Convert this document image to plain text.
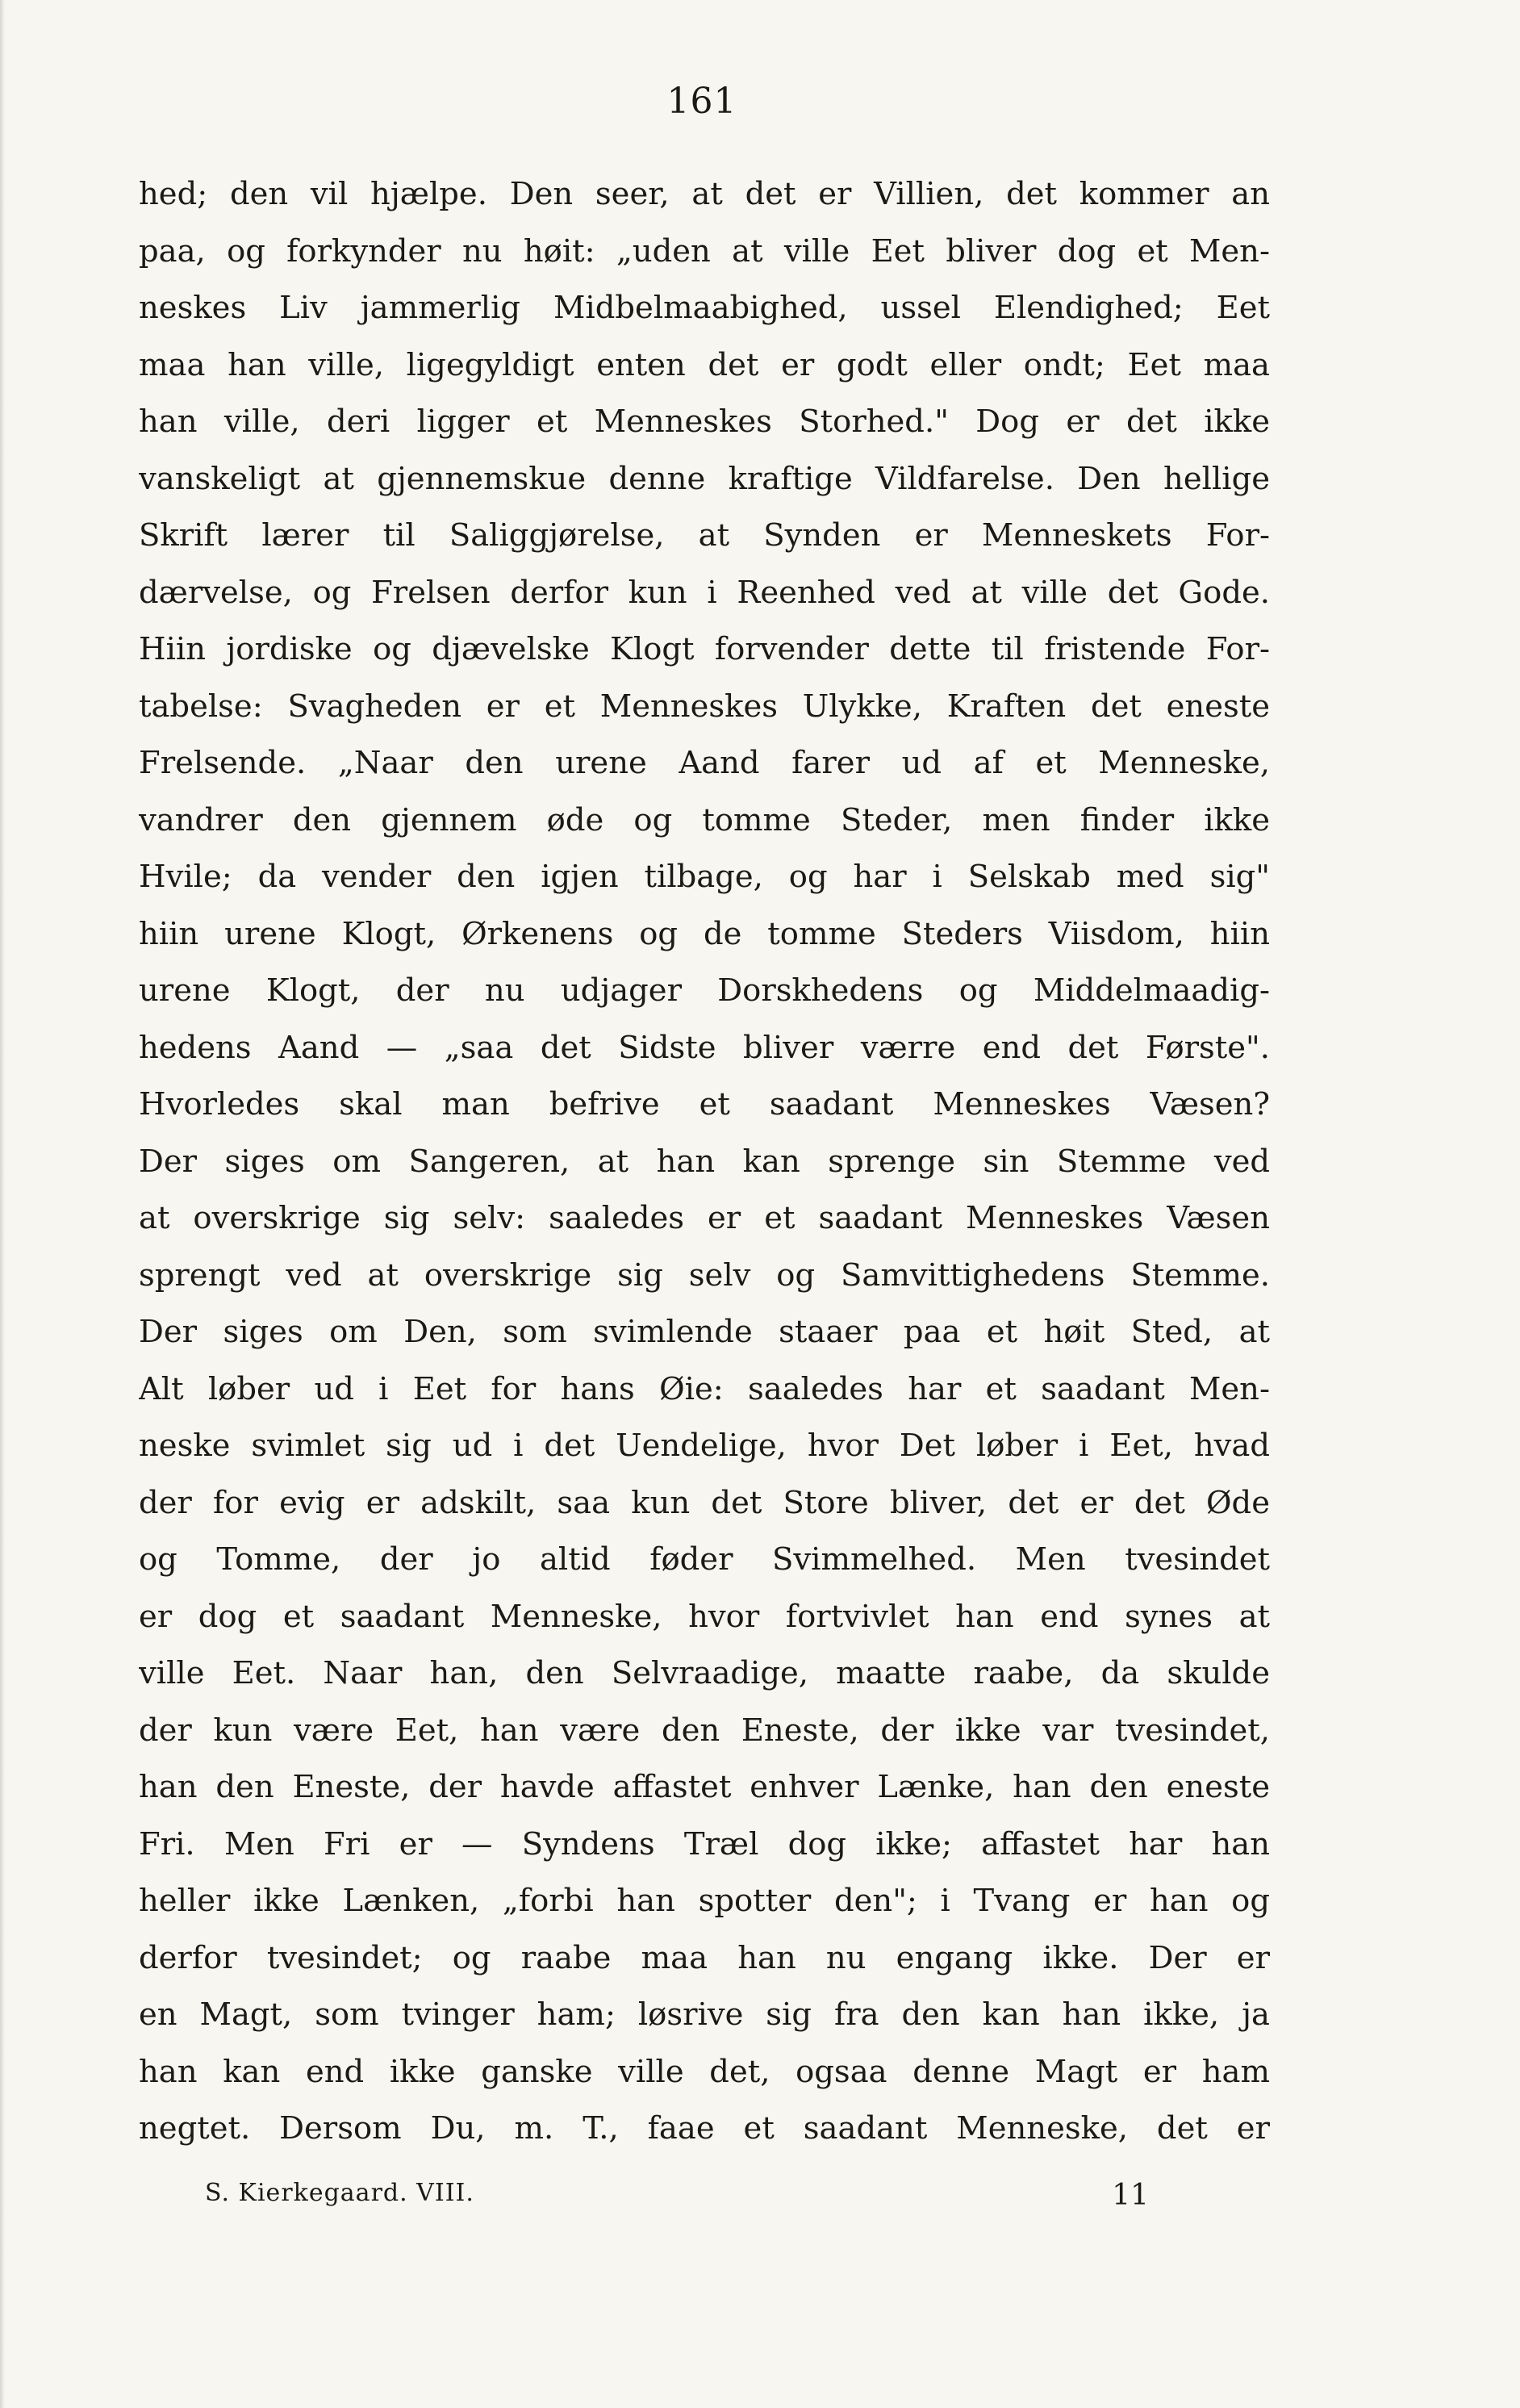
161
hed; den vil hjælpe. Den seer, at det er Villien, det kommer an
paa, og forkynder nu høit: „uden at ville Eet bliver dog et Men-
neskes Liv jammerlig Midbelmaabighed, ussel Elendighed; Eet
maa han ville, ligegyldigt enten det er godt eller ondt; Eet maa
han ville, deri ligger et Menneskes Storhed." Dog er det ikke
vanskeligt at gjennemskue denne kraftige Vildfarelse. Den hellige
Skrift lærer til Saliggjørelse, at Synden er Menneskets For-
dærvelse, og Frelsen derfor kun i Reenhed ved at ville det Gode.
Hiin jordiske og djævelske Klogt forvender dette til fristende For-
tabelse: Svagheden er et Menneskes Ulykke, Kraften det eneste
Frelsende. „Naar den urene Aand farer ud af et Menneske,
vandrer den gjennem øde og tomme Steder, men finder ikke
Hvile; da vender den igjen tilbage, og har i Selskab med sig"
hiin urene Klogt, Ørkenens og de tomme Steders Viisdom, hiin
urene Klogt, der nu udjager Dorskhedens og Middelmaadig-
hedens Aand — „saa det Sidste bliver værre end det Første".
Hvorledes skal man befrive et saadant Menneskes Væsen?
Der siges om Sangeren, at han kan sprenge sin Stemme ved
at overskrige sig selv: saaledes er et saadant Menneskes Væsen
sprengt ved at overskrige sig selv og Samvittighedens Stemme.
Der siges om Den, som svimlende staaer paa et høit Sted, at
Alt løber ud i Eet for hans Øie: saaledes har et saadant Men-
neske svimlet sig ud i det Uendelige, hvor Det løber i Eet, hvad
der for evig er adskilt, saa kun det Store bliver, det er det Øde
og Tomme, der jo altid føder Svimmelhed. Men tvesindet
er dog et saadant Menneske, hvor fortvivlet han end synes at
ville Eet. Naar han, den Selvraadige, maatte raabe, da skulde
der kun være Eet, han være den Eneste, der ikke var tvesindet,
han den Eneste, der havde affastet enhver Lænke, han den eneste
Fri. Men Fri er — Syndens Træl dog ikke; affastet har han
heller ikke Lænken, „forbi han spotter den"; i Tvang er han og
derfor tvesindet; og raabe maa han nu engang ikke. Der er
en Magt, som tvinger ham; løsrive sig fra den kan han ikke, ja
han kan end ikke ganske ville det, ogsaa denne Magt er ham
negtet. Dersom Du, m. T., faae et saadant Menneske, det er
S. Kierkegaard. VIII.	11
